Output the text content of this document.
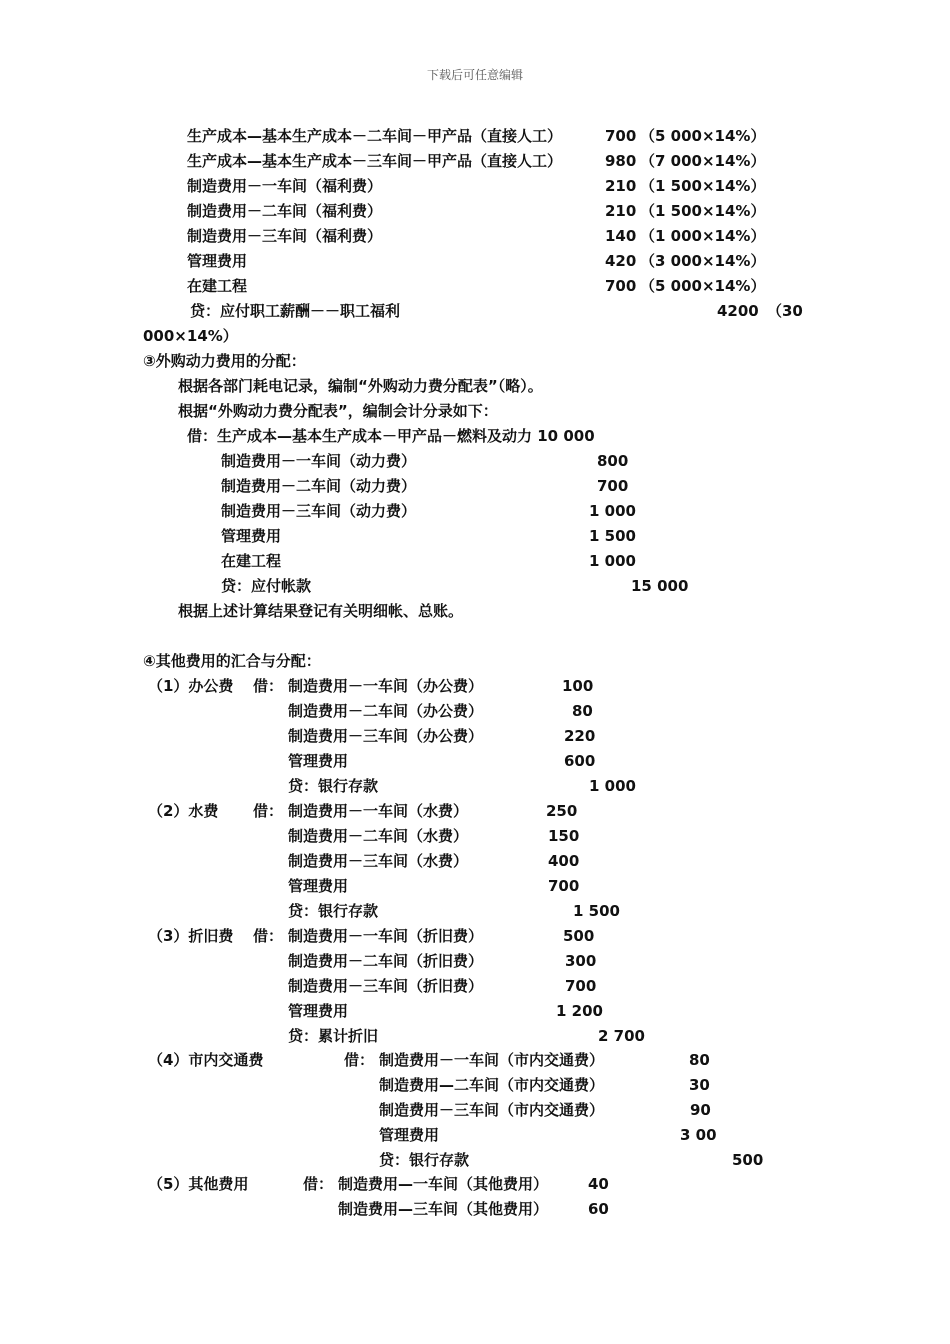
下载后可任意编辑
生产成本—基本生产成本－二车间－甲产品（直接人工）	700 （5 000×14%）
生产成本—基本生产成本－三车间－甲产品（直接人工）	980 （7 000×14%）
制造费用－一车间（福利费）	210 （1 500×14%）
制造费用－二车间（福利费）	210 （1 500×14%）
制造费用－三车间（福利费）	140 （1 000×14%）
管理费用	420 （3 000×14%）
在建工程	700 （5 000×14%）
贷：应付职工薪酬－－职工福利	4200 （30
000×14%）
③外购动力费用的分配：
根据各部门耗电记录，编制“外购动力费分配表”（略）。
根据“外购动力费分配表”，编制会计分录如下：
借：生产成本—基本生产成本－甲产品－燃料及动力 10 000
制造费用－一车间（动力费）	800
制造费用－二车间（动力费）	700
制造费用－三车间（动力费）	1 000
管理费用	1 500
在建工程	1 000
贷：应付帐款	15 000
根据上述计算结果登记有关明细帐、总账。
④其他费用的汇合与分配：
（1）办公费 借： 制造费用－一车间（办公费）	100
制造费用－二车间（办公费）	80
制造费用－三车间（办公费）	220
管理费用	600
贷：银行存款	1 000
（2）水费 借： 制造费用－一车间（水费）	250
制造费用－二车间（水费）	150
制造费用－三车间（水费）	400
管理费用	700
贷：银行存款	1 500
（3）折旧费 借： 制造费用－一车间（折旧费）	500
制造费用－二车间（折旧费）	300
制造费用－三车间（折旧费）	700
管理费用	1 200
贷：累计折旧	2 700
（4）市内交通费	借： 制造费用－一车间（市内交通费）	80
制造费用—二车间（市内交通费）	30
制造费用－三车间（市内交通费）	90
管理费用	3 00
贷：银行存款	500
（5）其他费用	借： 制造费用—一车间（其他费用）	40
制造费用—三车间（其他费用）	60
